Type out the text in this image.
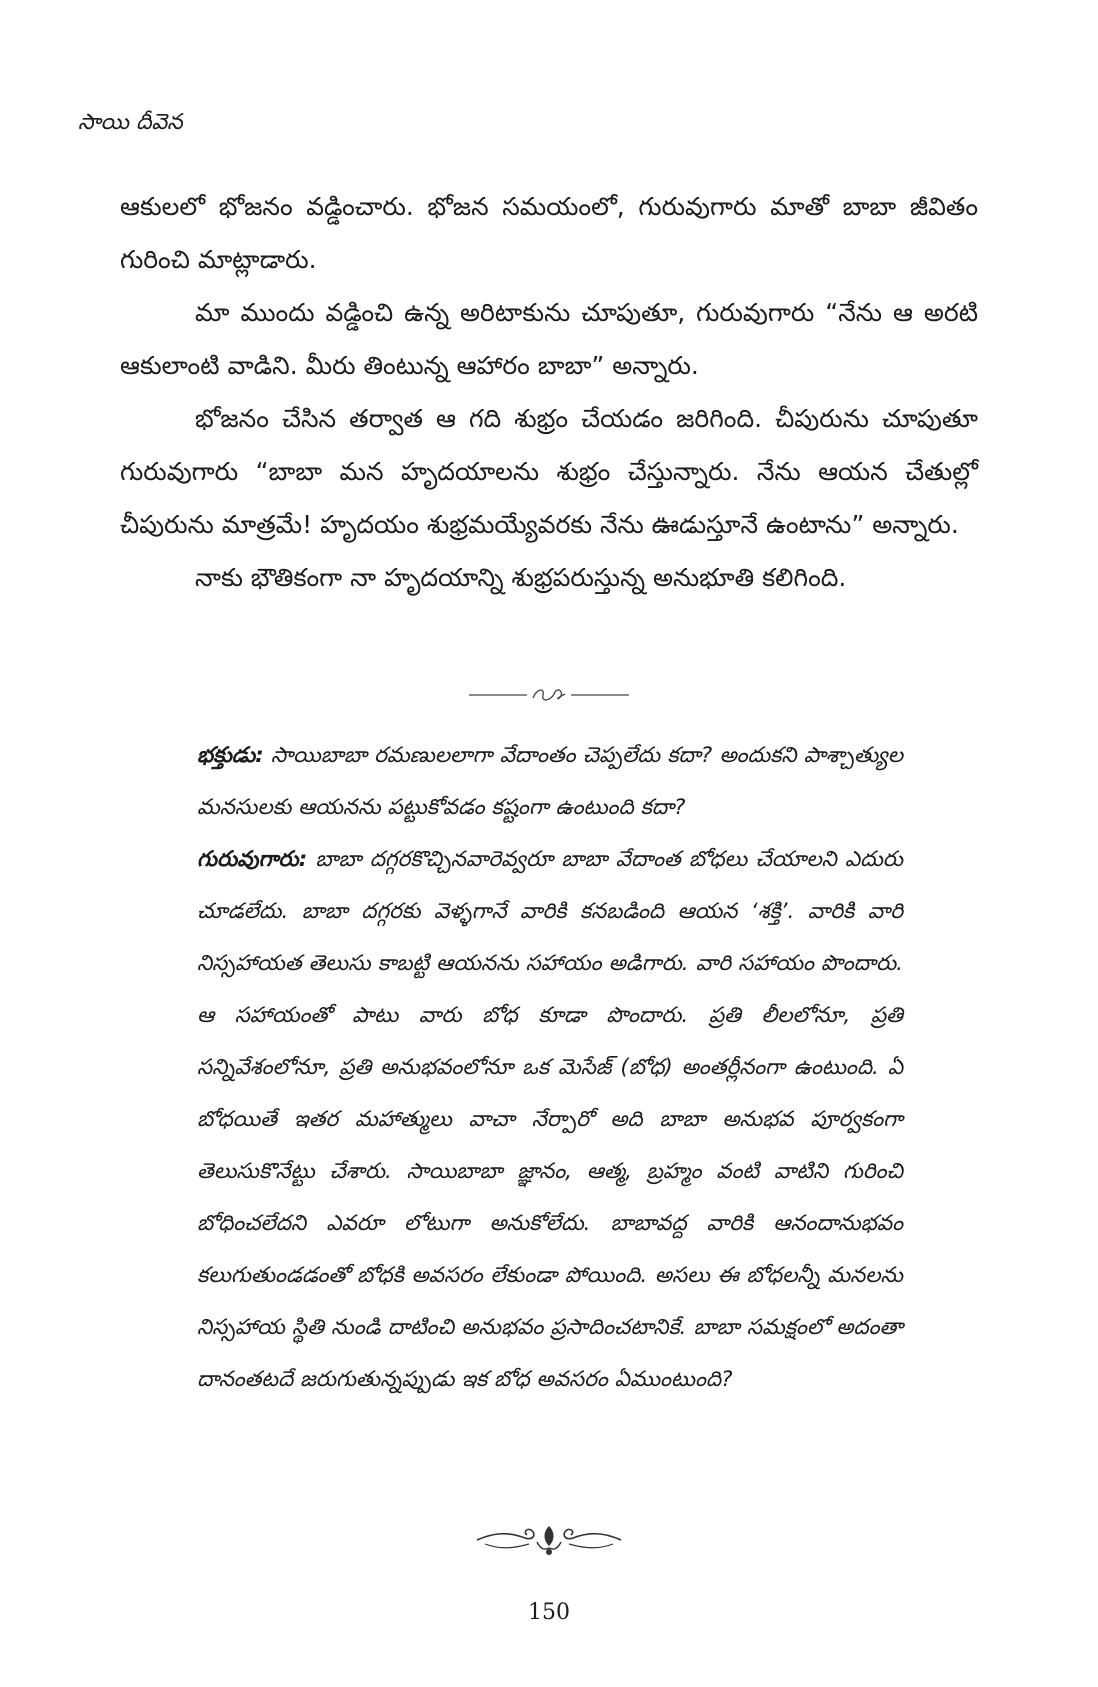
సాయి దీవెన

ఆకులలో భోజనం వడ్డించారు. భోజన సమయంలో, గురువుగారు మాతో బాబా జీవితం గురించి మాట్లాడారు.

మా ముందు వడ్డించి ఉన్న అరిటాకును చూపుతూ, గురువుగారు “నేను ఆ అరటి ఆకులాంటి వాడిని. మీరు తింటున్న ఆహారం బాబా” అన్నారు.

భోజనం చేసిన తర్వాత ఆ గది శుభ్రం చేయడం జరిగింది. చీపురును చూపుతూ గురువుగారు “బాబా మన హృదయాలను శుభ్రం చేస్తున్నారు. నేను ఆయన చేతుల్లో చీపురును మాత్రమే! హృదయం శుభ్రమయ్యేవరకు నేను ఊడుస్తూనే ఉంటాను” అన్నారు.

నాకు భౌతికంగా నా హృదయాన్ని శుభ్రపరుస్తున్న అనుభూతి కలిగింది.

భక్తుడు: సాయిబాబా రమణులలాగా వేదాంతం చెప్పలేదు కదా? అందుకని పాశ్చాత్యుల మనసులకు ఆయనను పట్టుకోవడం కష్టంగా ఉంటుంది కదా?

గురువుగారు: బాబా దగ్గరకొచ్చినవారెవ్వరూ బాబా వేదాంత బోధలు చేయాలని ఎదురు చూడలేదు. బాబా దగ్గరకు వెళ్ళగానే వారికి కనబడింది ఆయన ‘శక్తి’. వారికి వారి నిస్సహాయత తెలుసు కాబట్టి ఆయనను సహాయం అడిగారు. వారి సహాయం పొందారు. ఆ సహాయంతో పాటు వారు బోధ కూడా పొందారు. ప్రతి లీలలోనూ, ప్రతి సన్నివేశంలోనూ, ప్రతి అనుభవంలోనూ ఒక మెసేజ్ (బోధ) అంతర్లీనంగా ఉంటుంది. ఏ బోధయితే ఇతర మహాత్ములు వాచా నేర్పారో అది బాబా అనుభవ పూర్వకంగా తెలుసుకొనేట్టు చేశారు. సాయిబాబా జ్ఞానం, ఆత్మ, బ్రహ్మం వంటి వాటిని గురించి బోధించలేదని ఎవరూ లోటుగా అనుకోలేదు. బాబావద్ద వారికి ఆనందానుభవం కలుగుతుండడంతో బోధకి అవసరం లేకుండా పోయింది. అసలు ఈ బోధలన్నీ మనలను నిస్సహాయ స్థితి నుండి దాటించి అనుభవం ప్రసాదించటానికే. బాబా సమక్షంలో అదంతా దానంతటదే జరుగుతున్నప్పుడు ఇక బోధ అవసరం ఏముంటుంది?

150
